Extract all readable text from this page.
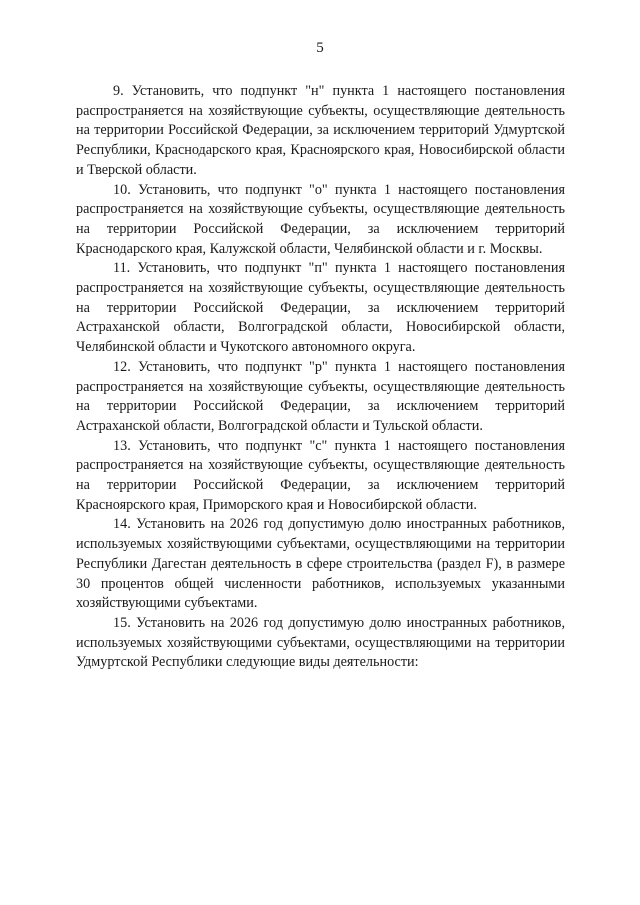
5

9. Установить, что подпункт "н" пункта 1 настоящего постановления распространяется на хозяйствующие субъекты, осуществляющие деятельность на территории Российской Федерации, за исключением территорий Удмуртской Республики, Краснодарского края, Красноярского края, Новосибирской области и Тверской области.

10. Установить, что подпункт "о" пункта 1 настоящего постановления распространяется на хозяйствующие субъекты, осуществляющие деятельность на территории Российской Федерации, за исключением территорий Краснодарского края, Калужской области, Челябинской области и г. Москвы.

11. Установить, что подпункт "п" пункта 1 настоящего постановления распространяется на хозяйствующие субъекты, осуществляющие деятельность на территории Российской Федерации, за исключением территорий Астраханской области, Волгоградской области, Новосибирской области, Челябинской области и Чукотского автономного округа.

12. Установить, что подпункт "р" пункта 1 настоящего постановления распространяется на хозяйствующие субъекты, осуществляющие деятельность на территории Российской Федерации, за исключением территорий Астраханской области, Волгоградской области и Тульской области.

13. Установить, что подпункт "с" пункта 1 настоящего постановления распространяется на хозяйствующие субъекты, осуществляющие деятельность на территории Российской Федерации, за исключением территорий Красноярского края, Приморского края и Новосибирской области.

14. Установить на 2026 год допустимую долю иностранных работников, используемых хозяйствующими субъектами, осуществляющими на территории Республики Дагестан деятельность в сфере строительства (раздел F), в размере 30 процентов общей численности работников, используемых указанными хозяйствующими субъектами.

15. Установить на 2026 год допустимую долю иностранных работников, используемых хозяйствующими субъектами, осуществляющими на территории Удмуртской Республики следующие виды деятельности:
